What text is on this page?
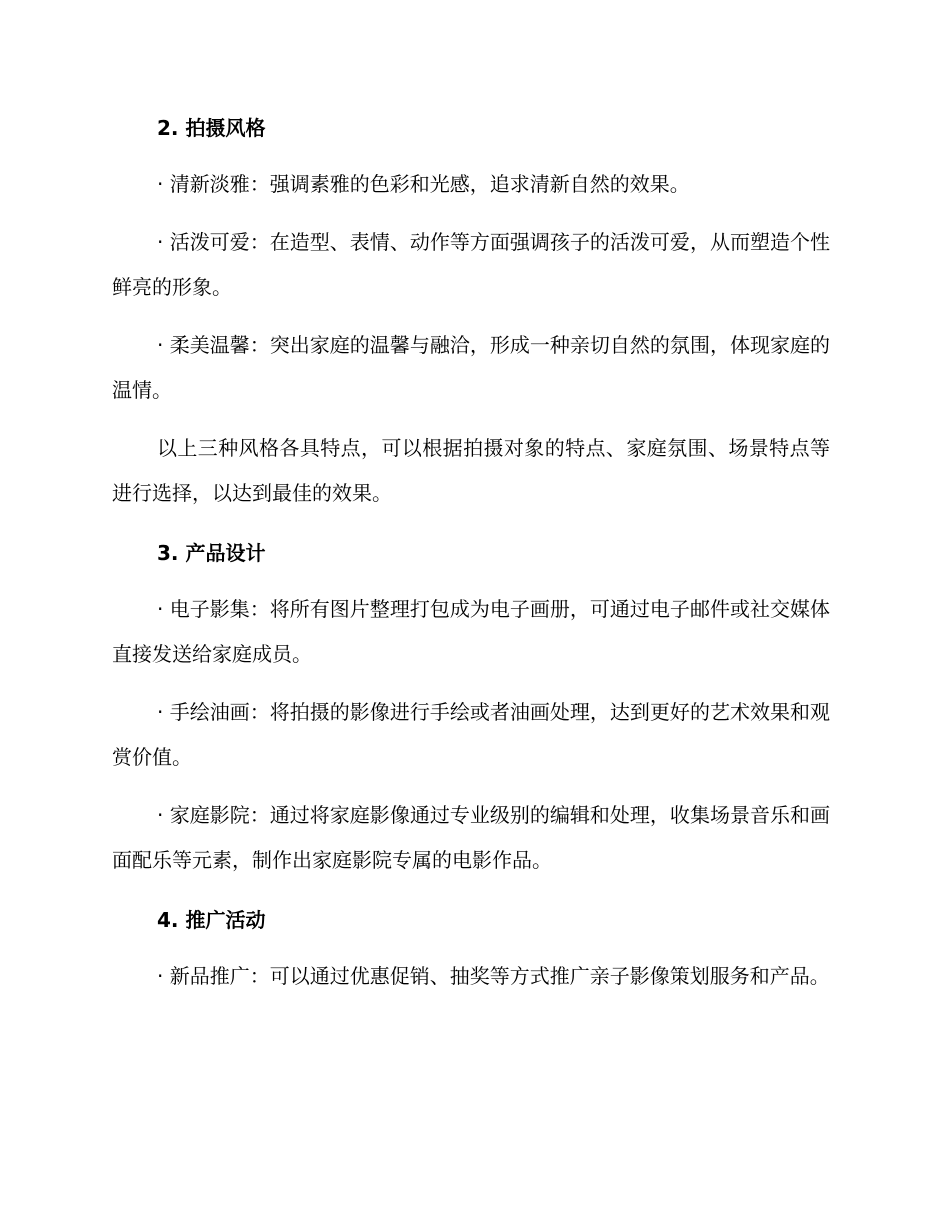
2. 拍摄风格

· 清新淡雅：强调素雅的色彩和光感，追求清新自然的效果。

· 活泼可爱：在造型、表情、动作等方面强调孩子的活泼可爱，从而塑造个性鲜亮的形象。

· 柔美温馨：突出家庭的温馨与融洽，形成一种亲切自然的氛围，体现家庭的温情。

以上三种风格各具特点，可以根据拍摄对象的特点、家庭氛围、场景特点等进行选择，以达到最佳的效果。

3. 产品设计

· 电子影集：将所有图片整理打包成为电子画册，可通过电子邮件或社交媒体直接发送给家庭成员。

· 手绘油画：将拍摄的影像进行手绘或者油画处理，达到更好的艺术效果和观赏价值。

· 家庭影院：通过将家庭影像通过专业级别的编辑和处理，收集场景音乐和画面配乐等元素，制作出家庭影院专属的电影作品。

4. 推广活动

· 新品推广：可以通过优惠促销、抽奖等方式推广亲子影像策划服务和产品。
